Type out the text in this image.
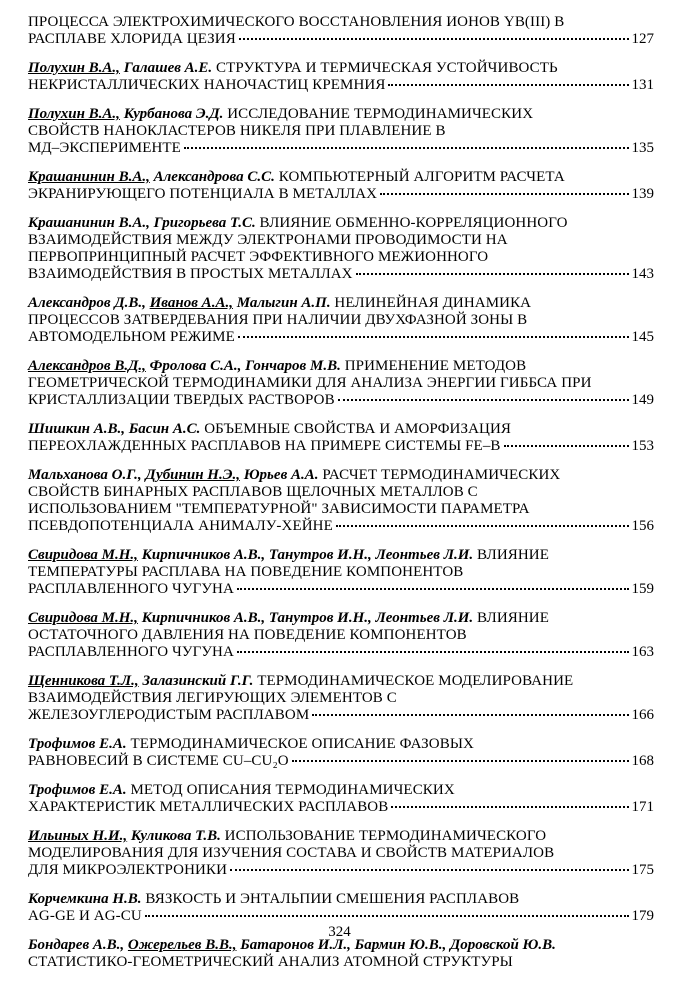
ПРОЦЕССА ЭЛЕКТРОХИМИЧЕСКОГО ВОССТАНОВЛЕНИЯ ИОНОВ YB(III) В
РАСПЛАВЕ ХЛОРИДА ЦЕЗИЯ	127
Полухин В.А., Галашев А.Е. СТРУКТУРА И ТЕРМИЧЕСКАЯ УСТОЙЧИВОСТЬ
НЕКРИСТАЛЛИЧЕСКИХ НАНОЧАСТИЦ КРЕМНИЯ	131
Полухин В.А., Курбанова Э.Д. ИССЛЕДОВАНИЕ ТЕРМОДИНАМИЧЕСКИХ
СВОЙСТВ НАНОКЛАСТЕРОВ НИКЕЛЯ ПРИ ПЛАВЛЕНИЕ В
МД–ЭКСПЕРИМЕНТЕ	135
Крашанинин В.А., Александрова С.С. КОМПЬЮТЕРНЫЙ АЛГОРИТМ РАСЧЕТА
ЭКРАНИРУЮЩЕГО ПОТЕНЦИАЛА В МЕТАЛЛАХ	139
Крашанинин В.А., Григорьева Т.С. ВЛИЯНИЕ ОБМЕННО-КОРРЕЛЯЦИОННОГО
ВЗАИМОДЕЙСТВИЯ МЕЖДУ ЭЛЕКТРОНАМИ ПРОВОДИМОСТИ НА
ПЕРВОПРИНЦИПНЫЙ РАСЧЕТ ЭФФЕКТИВНОГО МЕЖИОННОГО
ВЗАИМОДЕЙСТВИЯ В ПРОСТЫХ МЕТАЛЛАХ	143
Александров Д.В., Иванов А.А., Малыгин А.П. НЕЛИНЕЙНАЯ ДИНАМИКА
ПРОЦЕССОВ ЗАТВЕРДЕВАНИЯ ПРИ НАЛИЧИИ ДВУХФАЗНОЙ ЗОНЫ В
АВТОМОДЕЛЬНОМ РЕЖИМЕ	145
Александров В.Д., Фролова С.А., Гончаров М.В. ПРИМЕНЕНИЕ МЕТОДОВ
ГЕОМЕТРИЧЕСКОЙ ТЕРМОДИНАМИКИ ДЛЯ АНАЛИЗА ЭНЕРГИИ ГИББСА ПРИ
КРИСТАЛЛИЗАЦИИ ТВЕРДЫХ РАСТВОРОВ	149
Шишкин А.В., Басин А.С. ОБЪЕМНЫЕ СВОЙСТВА И АМОРФИЗАЦИЯ
ПЕРЕОХЛАЖДЕННЫХ РАСПЛАВОВ НА ПРИМЕРЕ СИСТЕМЫ FE–B	153
Мальханова О.Г., Дубинин Н.Э., Юрьев А.А. РАСЧЕТ ТЕРМОДИНАМИЧЕСКИХ
СВОЙСТВ БИНАРНЫХ РАСПЛАВОВ ЩЕЛОЧНЫХ МЕТАЛЛОВ С
ИСПОЛЬЗОВАНИЕМ "ТЕМПЕРАТУРНОЙ" ЗАВИСИМОСТИ ПАРАМЕТРА
ПСЕВДОПОТЕНЦИАЛА АНИМАЛУ-ХЕЙНЕ	156
Свиридова М.Н., Кирпичников А.В., Танутров И.Н., Леонтьев Л.И. ВЛИЯНИЕ
ТЕМПЕРАТУРЫ РАСПЛАВА НА ПОВЕДЕНИЕ КОМПОНЕНТОВ
РАСПЛАВЛЕННОГО ЧУГУНА	159
Свиридова М.Н., Кирпичников А.В., Танутров И.Н., Леонтьев Л.И. ВЛИЯНИЕ
ОСТАТОЧНОГО ДАВЛЕНИЯ НА ПОВЕДЕНИЕ КОМПОНЕНТОВ
РАСПЛАВЛЕННОГО ЧУГУНА	163
Щенникова Т.Л., Залазинский Г.Г. ТЕРМОДИНАМИЧЕСКОЕ МОДЕЛИРОВАНИЕ
ВЗАИМОДЕЙСТВИЯ ЛЕГИРУЮЩИХ ЭЛЕМЕНТОВ С
ЖЕЛЕЗОУГЛЕРОДИСТЫМ РАСПЛАВОМ	166
Трофимов Е.А. ТЕРМОДИНАМИЧЕСКОЕ ОПИСАНИЕ ФАЗОВЫХ
РАВНОВЕСИЙ В СИСТЕМЕ CU–CU₂O	168
Трофимов Е.А. МЕТОД ОПИСАНИЯ ТЕРМОДИНАМИЧЕСКИХ
ХАРАКТЕРИСТИК МЕТАЛЛИЧЕСКИХ РАСПЛАВОВ	171
Ильиных Н.И., Куликова Т.В. ИСПОЛЬЗОВАНИЕ ТЕРМОДИНАМИЧЕСКОГО
МОДЕЛИРОВАНИЯ ДЛЯ ИЗУЧЕНИЯ СОСТАВА И СВОЙСТВ МАТЕРИАЛОВ
ДЛЯ МИКРОЭЛЕКТРОНИКИ	175
Корчемкина Н.В. ВЯЗКОСТЬ И ЭНТАЛЬПИИ СМЕШЕНИЯ РАСПЛАВОВ
AG-GE И AG-CU	179
Бондарев А.В., Ожерельев В.В., Батаронов И.Л., Бармин Ю.В., Доровской Ю.В.
СТАТИСТИКО-ГЕОМЕТРИЧЕСКИЙ АНАЛИЗ АТОМНОЙ СТРУКТУРЫ
324
